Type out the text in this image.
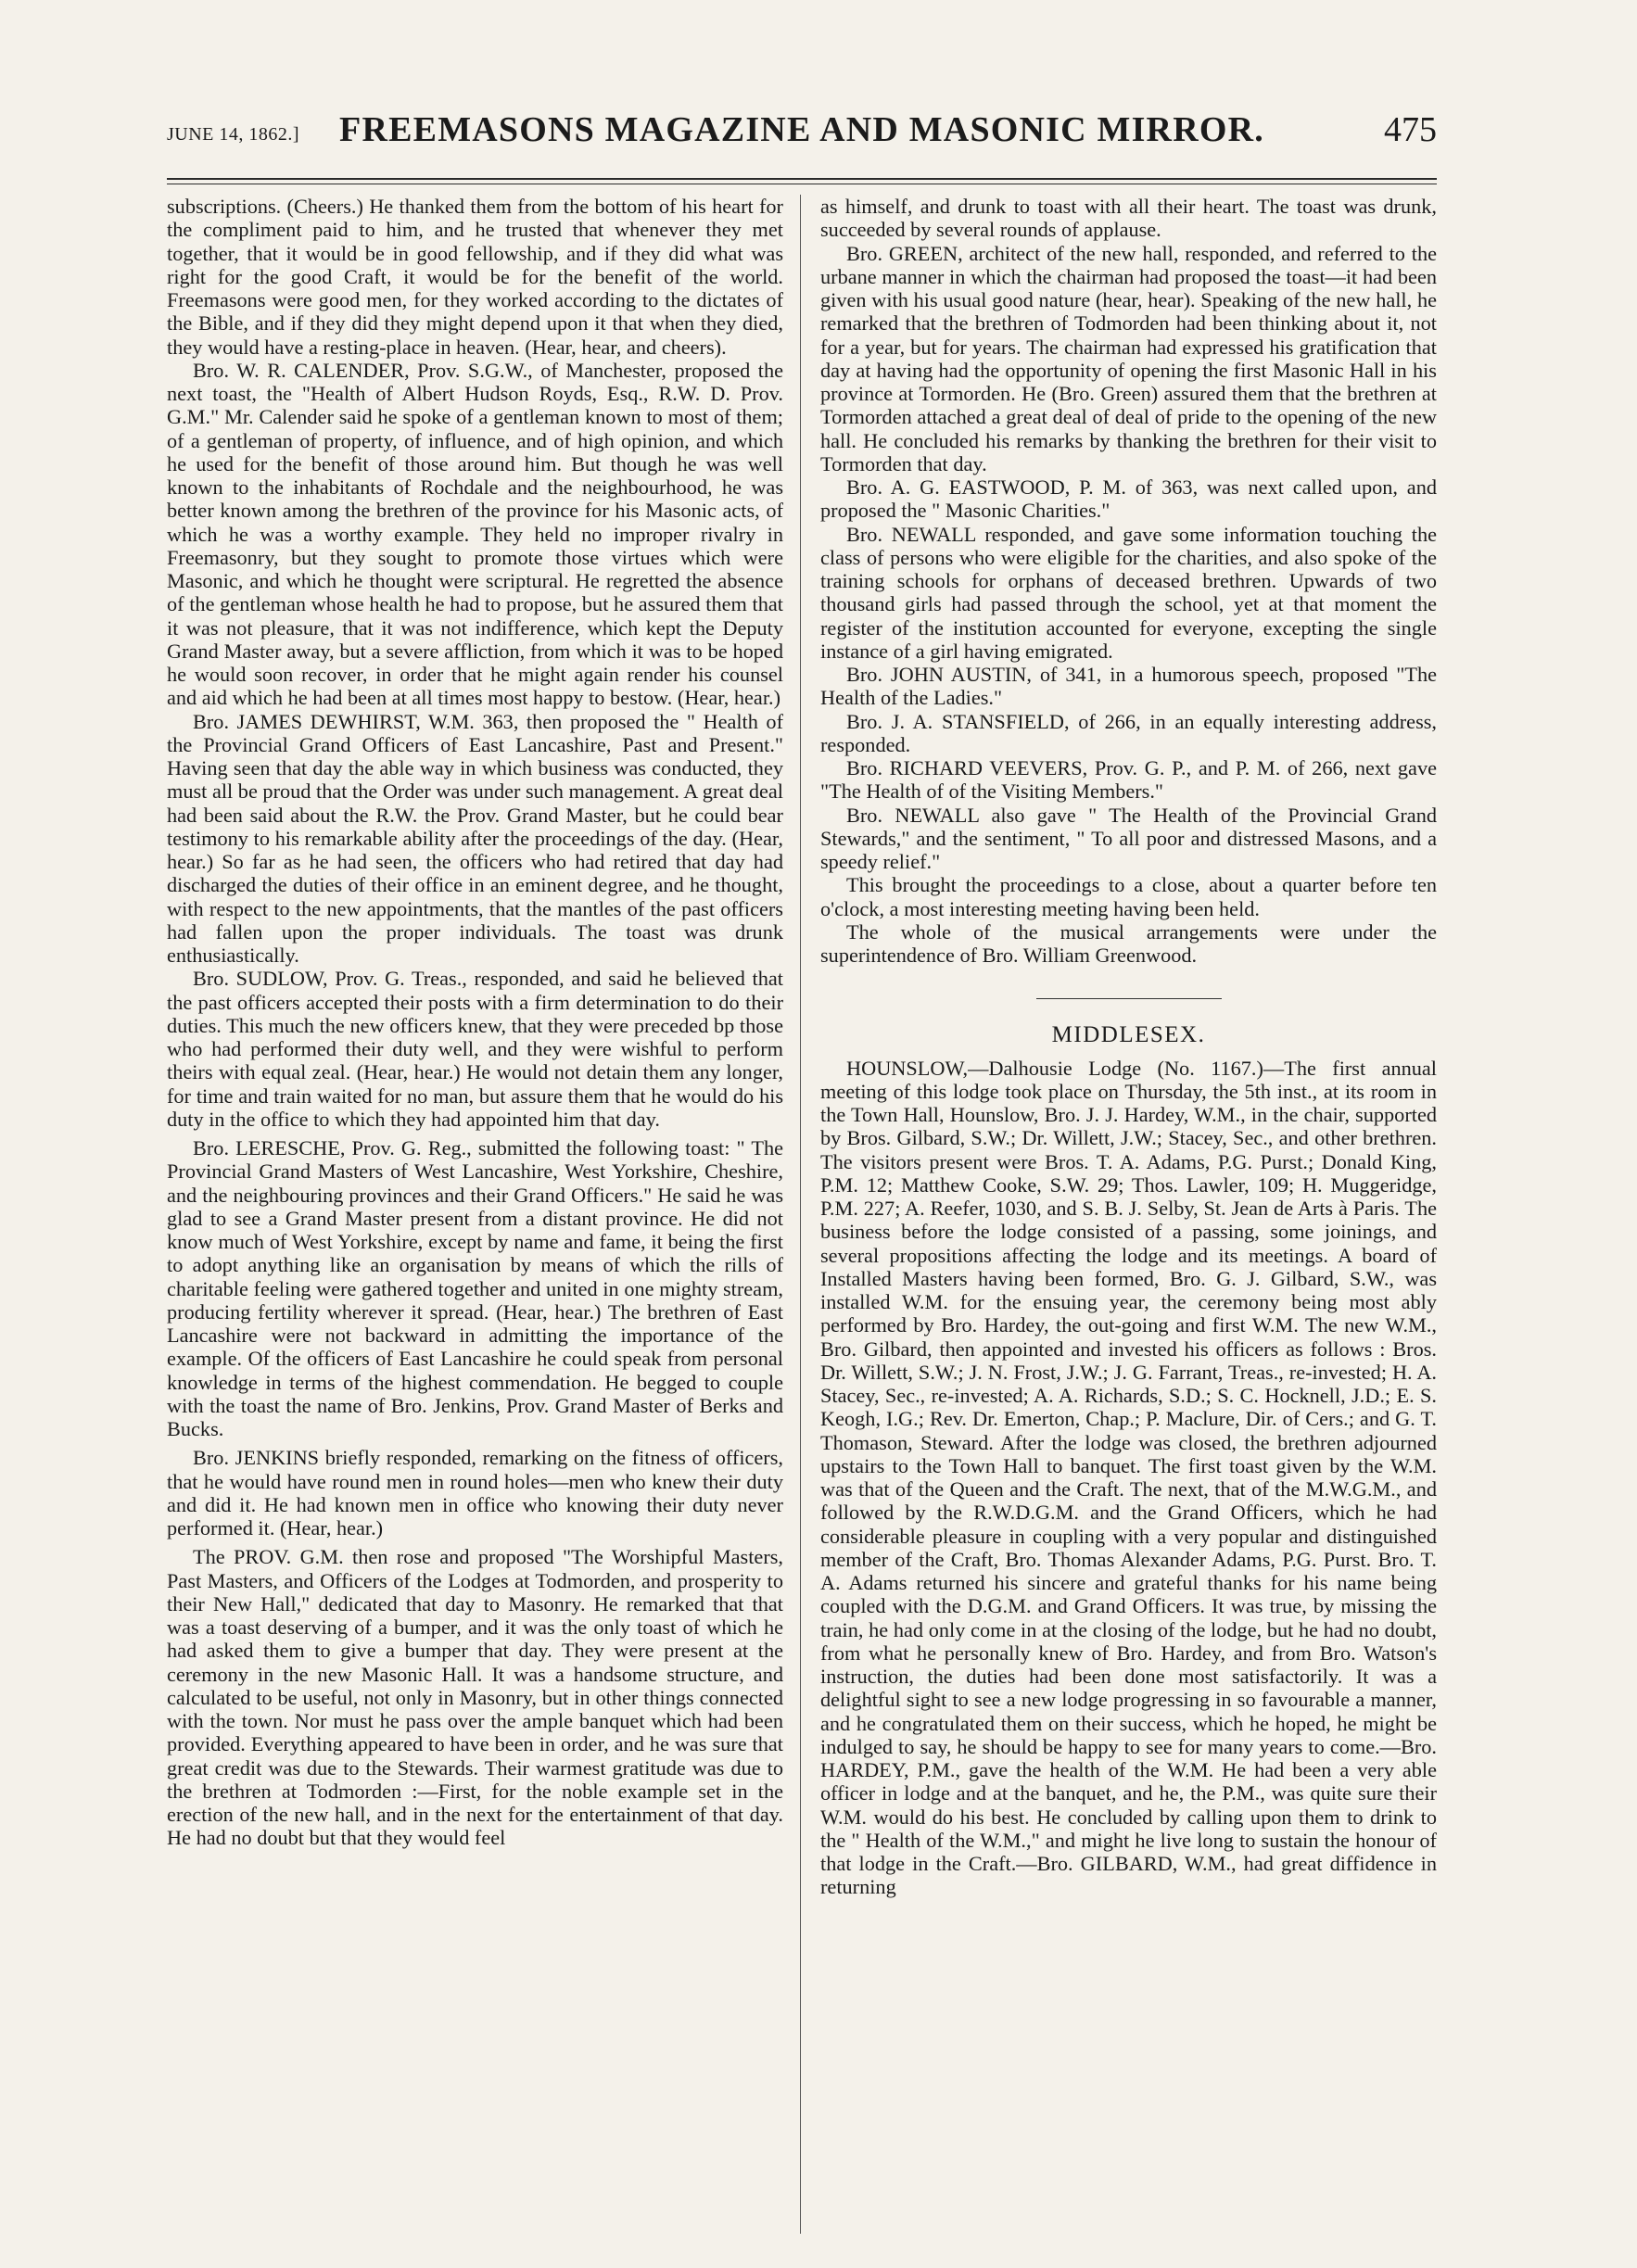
JUNE 14, 1862.]	FREEMASONS MAGAZINE AND MASONIC MIRROR.	475

subscriptions. (Cheers.) He thanked them from the bottom of his heart for the compliment paid to him, and he trusted that whenever they met together, that it would be in good fellowship, and if they did what was right for the good Craft, it would be for the benefit of the world. Freemasons were good men, for they worked according to the dictates of the Bible, and if they did they might depend upon it that when they died, they would have a resting-place in heaven. (Hear, hear, and cheers).

Bro. W. R. CALENDER, Prov. S.G.W., of Manchester, proposed the next toast, the "Health of Albert Hudson Royds, Esq., R.W. D. Prov. G.M." Mr. Calender said he spoke of a gentleman known to most of them; of a gentleman of property, of influence, and of high opinion, and which he used for the benefit of those around him. But though he was well known to the inhabitants of Rochdale and the neighbourhood, he was better known among the brethren of the province for his Masonic acts, of which he was a worthy example. They held no improper rivalry in Freemasonry, but they sought to promote those virtues which were Masonic, and which he thought were scriptural. He regretted the absence of the gentleman whose health he had to propose, but he assured them that it was not pleasure, that it was not indifference, which kept the Deputy Grand Master away, but a severe affliction, from which it was to be hoped he would soon recover, in order that he might again render his counsel and aid which he had been at all times most happy to bestow. (Hear, hear.)

Bro. JAMES DEWHIRST, W.M. 363, then proposed the " Health of the Provincial Grand Officers of East Lancashire, Past and Present." Having seen that day the able way in which business was conducted, they must all be proud that the Order was under such management. A great deal had been said about the R.W. the Prov. Grand Master, but he could bear testimony to his remarkable ability after the proceedings of the day. (Hear, hear.) So far as he had seen, the officers who had retired that day had discharged the duties of their office in an eminent degree, and he thought, with respect to the new appointments, that the mantles of the past officers had fallen upon the proper individuals. The toast was drunk enthusiastically.

Bro. SUDLOW, Prov. G. Treas., responded, and said he believed that the past officers accepted their posts with a firm determination to do their duties. This much the new officers knew, that they were preceded bp those who had performed their duty well, and they were wishful to perform theirs with equal zeal. (Hear, hear.) He would not detain them any longer, for time and train waited for no man, but assure them that he would do his duty in the office to which they had appointed him that day.

Bro. LERESCHE, Prov. G. Reg., submitted the following toast: " The Provincial Grand Masters of West Lancashire, West Yorkshire, Cheshire, and the neighbouring provinces and their Grand Officers." He said he was glad to see a Grand Master present from a distant province. He did not know much of West Yorkshire, except by name and fame, it being the first to adopt anything like an organisation by means of which the rills of charitable feeling were gathered together and united in one mighty stream, producing fertility wherever it spread. (Hear, hear.) The brethren of East Lancashire were not backward in admitting the importance of the example. Of the officers of East Lancashire he could speak from personal knowledge in terms of the highest commendation. He begged to couple with the toast the name of Bro. Jenkins, Prov. Grand Master of Berks and Bucks.

Bro. JENKINS briefly responded, remarking on the fitness of officers, that he would have round men in round holes—men who knew their duty and did it. He had known men in office who knowing their duty never performed it. (Hear, hear.)

The PROV. G.M. then rose and proposed "The Worshipful Masters, Past Masters, and Officers of the Lodges at Todmorden, and prosperity to their New Hall," dedicated that day to Masonry. He remarked that that was a toast deserving of a bumper, and it was the only toast of which he had asked them to give a bumper that day. They were present at the ceremony in the new Masonic Hall. It was a handsome structure, and calculated to be useful, not only in Masonry, but in other things connected with the town. Nor must he pass over the ample banquet which had been provided. Everything appeared to have been in order, and he was sure that great credit was due to the Stewards. Their warmest gratitude was due to the brethren at Todmorden :—First, for the noble example set in the erection of the new hall, and in the next for the entertainment of that day. He had no doubt but that they would feel

as himself, and drunk to toast with all their heart. The toast was drunk, succeeded by several rounds of applause.

Bro. GREEN, architect of the new hall, responded, and referred to the urbane manner in which the chairman had proposed the toast—it had been given with his usual good nature (hear, hear). Speaking of the new hall, he remarked that the brethren of Todmorden had been thinking about it, not for a year, but for years. The chairman had expressed his gratification that day at having had the opportunity of opening the first Masonic Hall in his province at Tormorden. He (Bro. Green) assured them that the brethren at Tormorden attached a great deal of deal of pride to the opening of the new hall. He concluded his remarks by thanking the brethren for their visit to Tormorden that day.

Bro. A. G. EASTWOOD, P. M. of 363, was next called upon, and proposed the " Masonic Charities."

Bro. NEWALL responded, and gave some information touching the class of persons who were eligible for the charities, and also spoke of the training schools for orphans of deceased brethren. Upwards of two thousand girls had passed through the school, yet at that moment the register of the institution accounted for everyone, excepting the single instance of a girl having emigrated.

Bro. JOHN AUSTIN, of 341, in a humorous speech, proposed "The Health of the Ladies."

Bro. J. A. STANSFIELD, of 266, in an equally interesting address, responded.

Bro. RICHARD VEEVERS, Prov. G. P., and P. M. of 266, next gave "The Health of of the Visiting Members."

Bro. NEWALL also gave " The Health of the Provincial Grand Stewards," and the sentiment, " To all poor and distressed Masons, and a speedy relief."

This brought the proceedings to a close, about a quarter before ten o'clock, a most interesting meeting having been held.

The whole of the musical arrangements were under the superintendence of Bro. William Greenwood.

MIDDLESEX.

HOUNSLOW,—Dalhousie Lodge (No. 1167.)—The first annual meeting of this lodge took place on Thursday, the 5th inst., at its room in the Town Hall, Hounslow, Bro. J. J. Hardey, W.M., in the chair, supported by Bros. Gilbard, S.W.; Dr. Willett, J.W.; Stacey, Sec., and other brethren. The visitors present were Bros. T. A. Adams, P.G. Purst.; Donald King, P.M. 12; Matthew Cooke, S.W. 29; Thos. Lawler, 109; H. Muggeridge, P.M. 227; A. Reefer, 1030, and S. B. J. Selby, St. Jean de Arts à Paris. The business before the lodge consisted of a passing, some joinings, and several propositions affecting the lodge and its meetings. A board of Installed Masters having been formed, Bro. G. J. Gilbard, S.W., was installed W.M. for the ensuing year, the ceremony being most ably performed by Bro. Hardey, the out-going and first W.M. The new W.M., Bro. Gilbard, then appointed and invested his officers as follows : Bros. Dr. Willett, S.W.; J. N. Frost, J.W.; J. G. Farrant, Treas., re-invested; H. A. Stacey, Sec., re-invested; A. A. Richards, S.D.; S. C. Hocknell, J.D.; E. S. Keogh, I.G.; Rev. Dr. Emerton, Chap.; P. Maclure, Dir. of Cers.; and G. T. Thomason, Steward. After the lodge was closed, the brethren adjourned upstairs to the Town Hall to banquet. The first toast given by the W.M. was that of the Queen and the Craft. The next, that of the M.W.G.M., and followed by the R.W.D.G.M. and the Grand Officers, which he had considerable pleasure in coupling with a very popular and distinguished member of the Craft, Bro. Thomas Alexander Adams, P.G. Purst. Bro. T. A. Adams returned his sincere and grateful thanks for his name being coupled with the D.G.M. and Grand Officers. It was true, by missing the train, he had only come in at the closing of the lodge, but he had no doubt, from what he personally knew of Bro. Hardey, and from Bro. Watson's instruction, the duties had been done most satisfactorily. It was a delightful sight to see a new lodge progressing in so favourable a manner, and he congratulated them on their success, which he hoped, he might be indulged to say, he should be happy to see for many years to come.—Bro. HARDEY, P.M., gave the health of the W.M. He had been a very able officer in lodge and at the banquet, and he, the P.M., was quite sure their W.M. would do his best. He concluded by calling upon them to drink to the " Health of the W.M.," and might he live long to sustain the honour of that lodge in the Craft.—Bro. GILBARD, W.M., had great diffidence in returning
